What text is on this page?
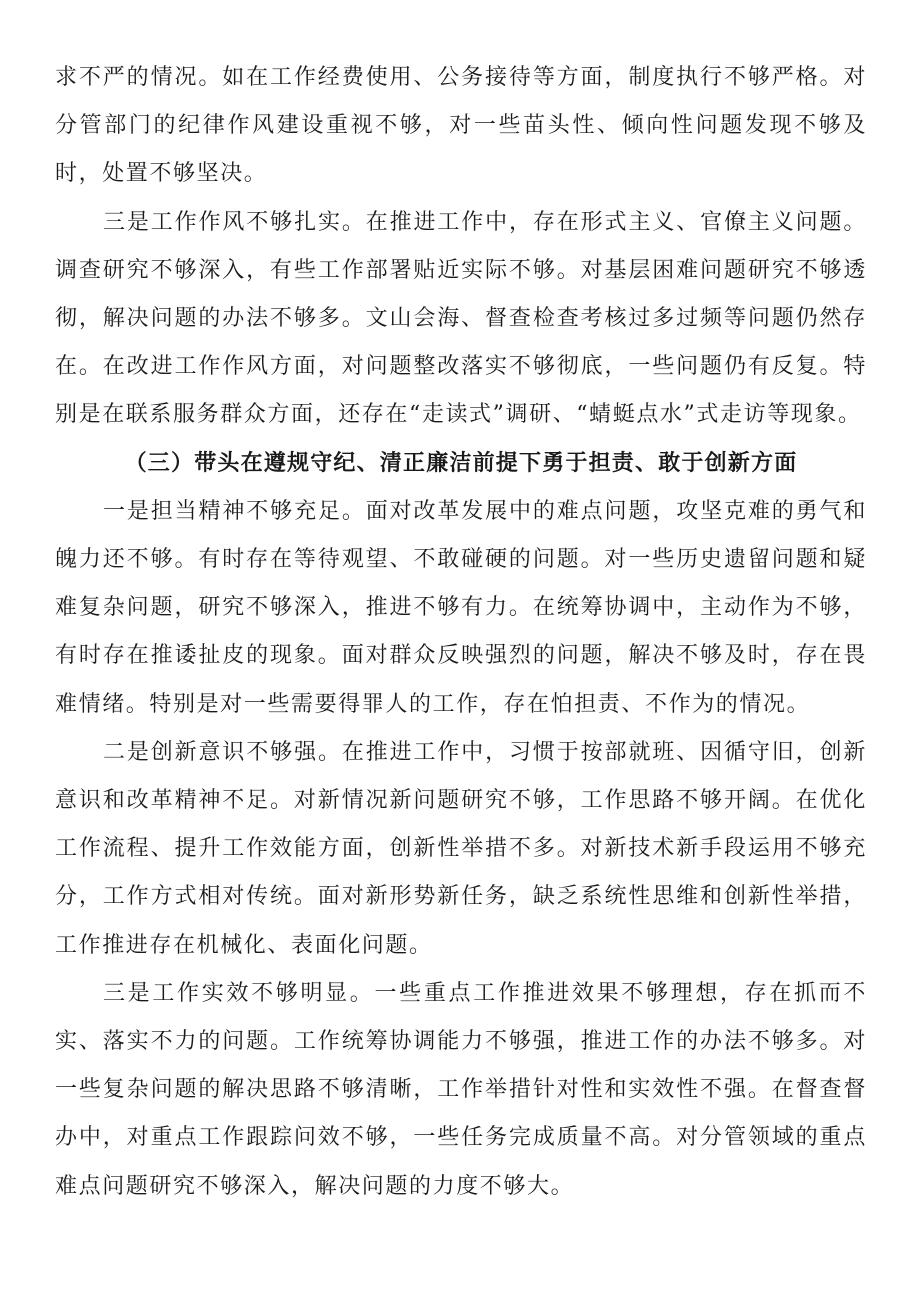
求不严的情况。如在工作经费使用、公务接待等方面，制度执行不够严格。对分管部门的纪律作风建设重视不够，对一些苗头性、倾向性问题发现不够及时，处置不够坚决。

三是工作作风不够扎实。在推进工作中，存在形式主义、官僚主义问题。调查研究不够深入，有些工作部署贴近实际不够。对基层困难问题研究不够透彻，解决问题的办法不够多。文山会海、督查检查考核过多过频等问题仍然存在。在改进工作作风方面，对问题整改落实不够彻底，一些问题仍有反复。特别是在联系服务群众方面，还存在“走读式”调研、“蜻蜓点水”式走访等现象。

（三）带头在遵规守纪、清正廉洁前提下勇于担责、敢于创新方面

一是担当精神不够充足。面对改革发展中的难点问题，攻坚克难的勇气和魄力还不够。有时存在等待观望、不敢碰硬的问题。对一些历史遗留问题和疑难复杂问题，研究不够深入，推进不够有力。在统筹协调中，主动作为不够，有时存在推诿扯皮的现象。面对群众反映强烈的问题，解决不够及时，存在畏难情绪。特别是对一些需要得罪人的工作，存在怕担责、不作为的情况。

二是创新意识不够强。在推进工作中，习惯于按部就班、因循守旧，创新意识和改革精神不足。对新情况新问题研究不够，工作思路不够开阔。在优化工作流程、提升工作效能方面，创新性举措不多。对新技术新手段运用不够充分，工作方式相对传统。面对新形势新任务，缺乏系统性思维和创新性举措，工作推进存在机械化、表面化问题。

三是工作实效不够明显。一些重点工作推进效果不够理想，存在抓而不实、落实不力的问题。工作统筹协调能力不够强，推进工作的办法不够多。对一些复杂问题的解决思路不够清晰，工作举措针对性和实效性不强。在督查督办中，对重点工作跟踪问效不够，一些任务完成质量不高。对分管领域的重点难点问题研究不够深入，解决问题的力度不够大。
